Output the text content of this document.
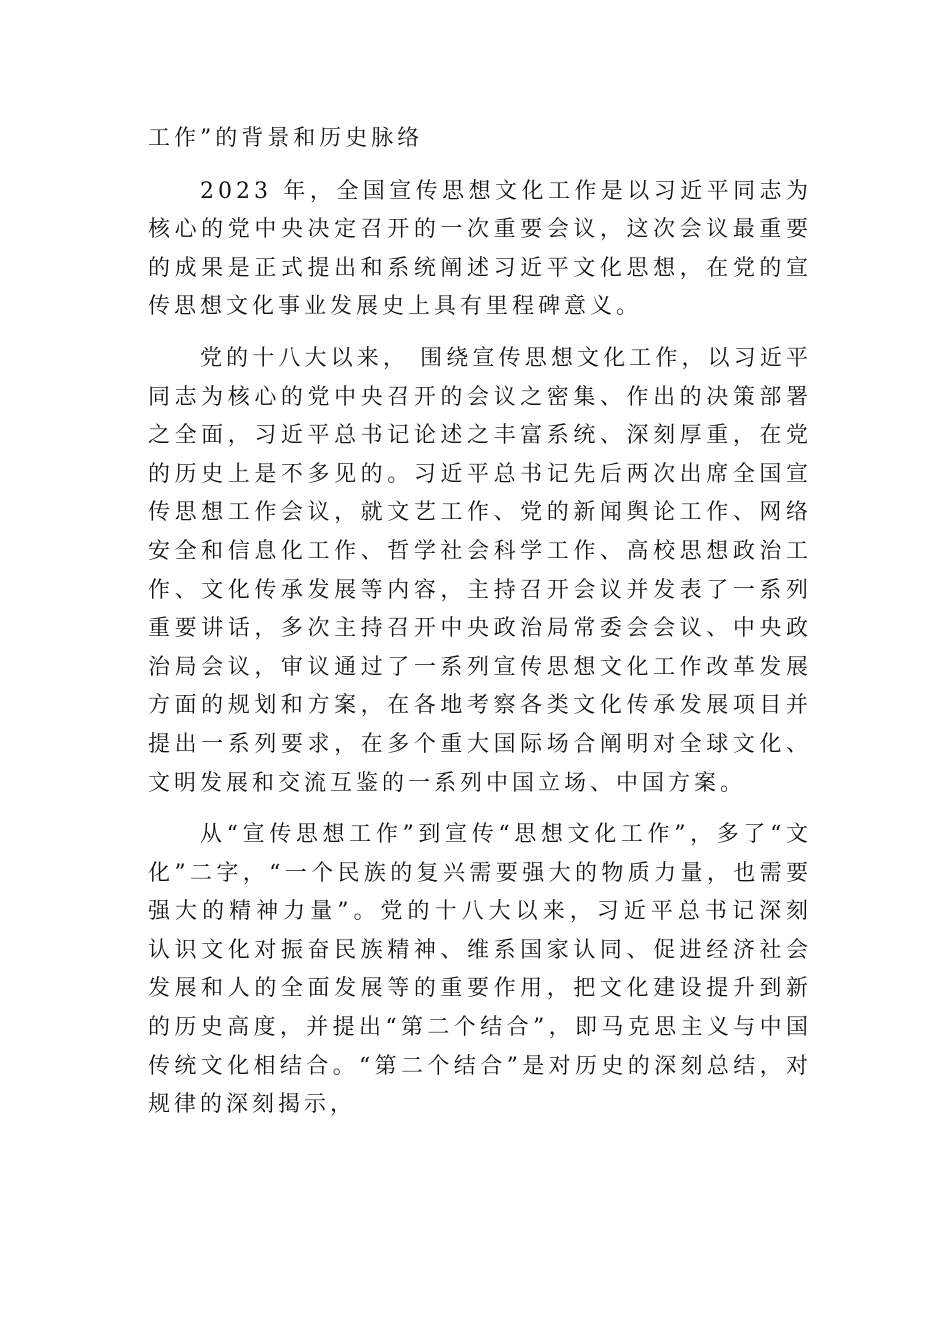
工作”的背景和历史脉络

2023 年，全国宣传思想文化工作是以习近平同志为核心的党中央决定召开的一次重要会议，这次会议最重要的成果是正式提出和系统阐述习近平文化思想，在党的宣传思想文化事业发展史上具有里程碑意义。

党的十八大以来， 围绕宣传思想文化工作，以习近平同志为核心的党中央召开的会议之密集、作出的决策部署之全面，习近平总书记论述之丰富系统、深刻厚重，在党的历史上是不多见的。习近平总书记先后两次出席全国宣传思想工作会议，就文艺工作、党的新闻舆论工作、网络安全和信息化工作、哲学社会科学工作、高校思想政治工作、文化传承发展等内容，主持召开会议并发表了一系列重要讲话，多次主持召开中央政治局常委会会议、中央政治局会议，审议通过了一系列宣传思想文化工作改革发展方面的规划和方案，在各地考察各类文化传承发展项目并提出一系列要求，在多个重大国际场合阐明对全球文化、文明发展和交流互鉴的一系列中国立场、中国方案。

从“宣传思想工作”到宣传“思想文化工作”，多了“文化”二字，“一个民族的复兴需要强大的物质力量，也需要强大的精神力量”。党的十八大以来，习近平总书记深刻认识文化对振奋民族精神、维系国家认同、促进经济社会发展和人的全面发展等的重要作用，把文化建设提升到新的历史高度，并提出“第二个结合”，即马克思主义与中国传统文化相结合。“第二个结合”是对历史的深刻总结，对规律的深刻揭示，
